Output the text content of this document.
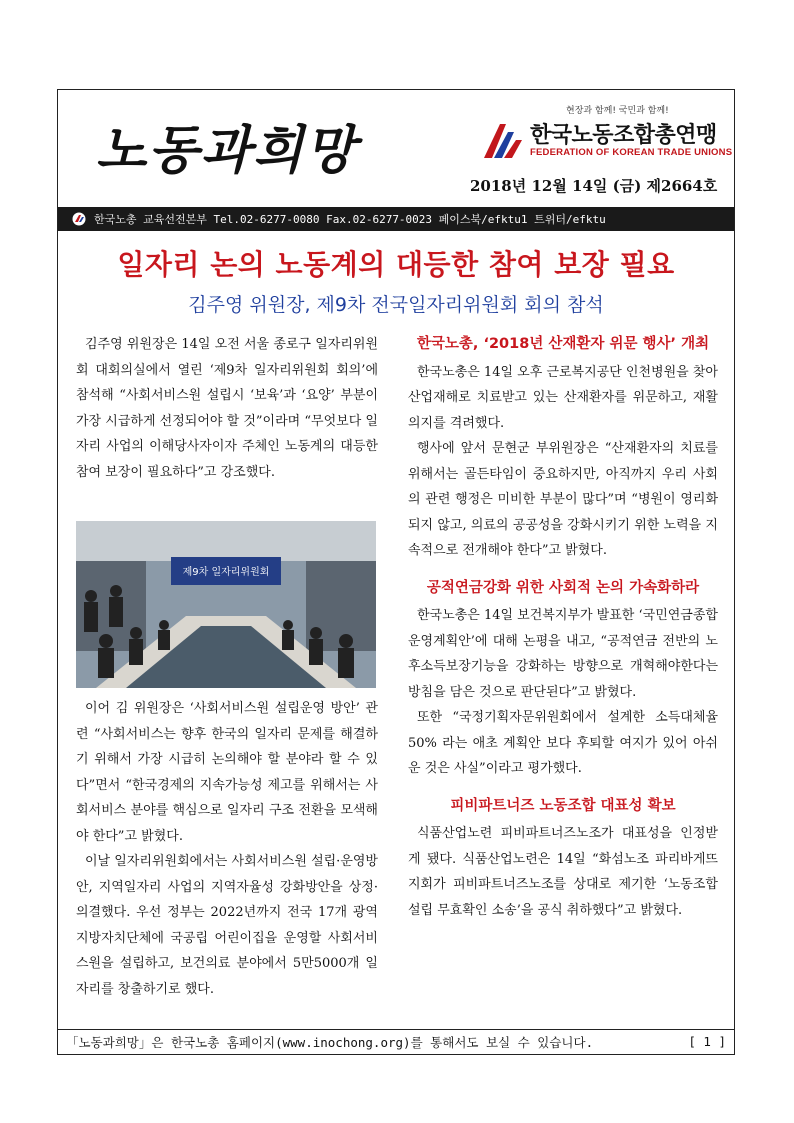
노동과희망
현장과 함께! 국민과 함께!
한국노동조합총연맹
FEDERATION OF KOREAN TRADE UNIONS
2018년 12월 14일 (금) 제2664호
한국노총 교육선전본부 Tel.02-6277-0080 Fax.02-6277-0023 페이스북/efktu1 트위터/efktu
일자리 논의 노동계의 대등한 참여 보장 필요
김주영 위원장, 제9차 전국일자리위원회 회의 참석

김주영 위원장은 14일 오전 서울 종로구 일자리위원회 대회의실에서 열린 ‘제9차 일자리위원회 회의’에 참석해 “사회서비스원 설립시 ‘보육’과 ‘요양’ 부분이 가장 시급하게 선정되어야 할 것”이라며 “무엇보다 일자리 사업의 이해당사자이자 주체인 노동계의 대등한 참여 보장이 필요하다”고 강조했다.

제9차 일자리위원회

이어 김 위원장은 ‘사회서비스원 설립운영 방안’ 관련 “사회서비스는 향후 한국의 일자리 문제를 해결하기 위해서 가장 시급히 논의해야 할 분야라 할 수 있다”면서 “한국경제의 지속가능성 제고를 위해서는 사회서비스 분야를 핵심으로 일자리 구조 전환을 모색해야 한다”고 밝혔다.

이날 일자리위원회에서는 사회서비스원 설립·운영방안, 지역일자리 사업의 지역자율성 강화방안을 상정·의결했다. 우선 정부는 2022년까지 전국 17개 광역지방자치단체에 국공립 어린이집을 운영할 사회서비스원을 설립하고, 보건의료 분야에서 5만5000개 일자리를 창출하기로 했다.

한국노총, ‘2018년 산재환자 위문 행사’ 개최

한국노총은 14일 오후 근로복지공단 인천병원을 찾아 산업재해로 치료받고 있는 산재환자를 위문하고, 재활의지를 격려했다.

행사에 앞서 문현군 부위원장은 “산재환자의 치료를 위해서는 골든타임이 중요하지만, 아직까지 우리 사회의 관련 행정은 미비한 부분이 많다”며 “병원이 영리화 되지 않고, 의료의 공공성을 강화시키기 위한 노력을 지속적으로 전개해야 한다”고 밝혔다.

공적연금강화 위한 사회적 논의 가속화하라

한국노총은 14일 보건복지부가 발표한 ‘국민연금종합운영계획안’에 대해 논평을 내고, “공적연금 전반의 노후소득보장기능을 강화하는 방향으로 개혁해야한다는 방침을 담은 것으로 판단된다”고 밝혔다.

또한 “국정기획자문위원회에서 설계한 소득대체율 50% 라는 애초 계획안 보다 후퇴할 여지가 있어 아쉬운 것은 사실”이라고 평가했다.

피비파트너즈 노동조합 대표성 확보

식품산업노련 피비파트너즈노조가 대표성을 인정받게 됐다. 식품산업노련은 14일 “화섬노조 파리바게뜨지회가 피비파트너즈노조를 상대로 제기한 ‘노동조합 설립 무효확인 소송’을 공식 취하했다”고 밝혔다.

「노동과희망」은 한국노총 홈페이지(www.inochong.org)를 통해서도 보실 수 있습니다.	[ 1 ]
